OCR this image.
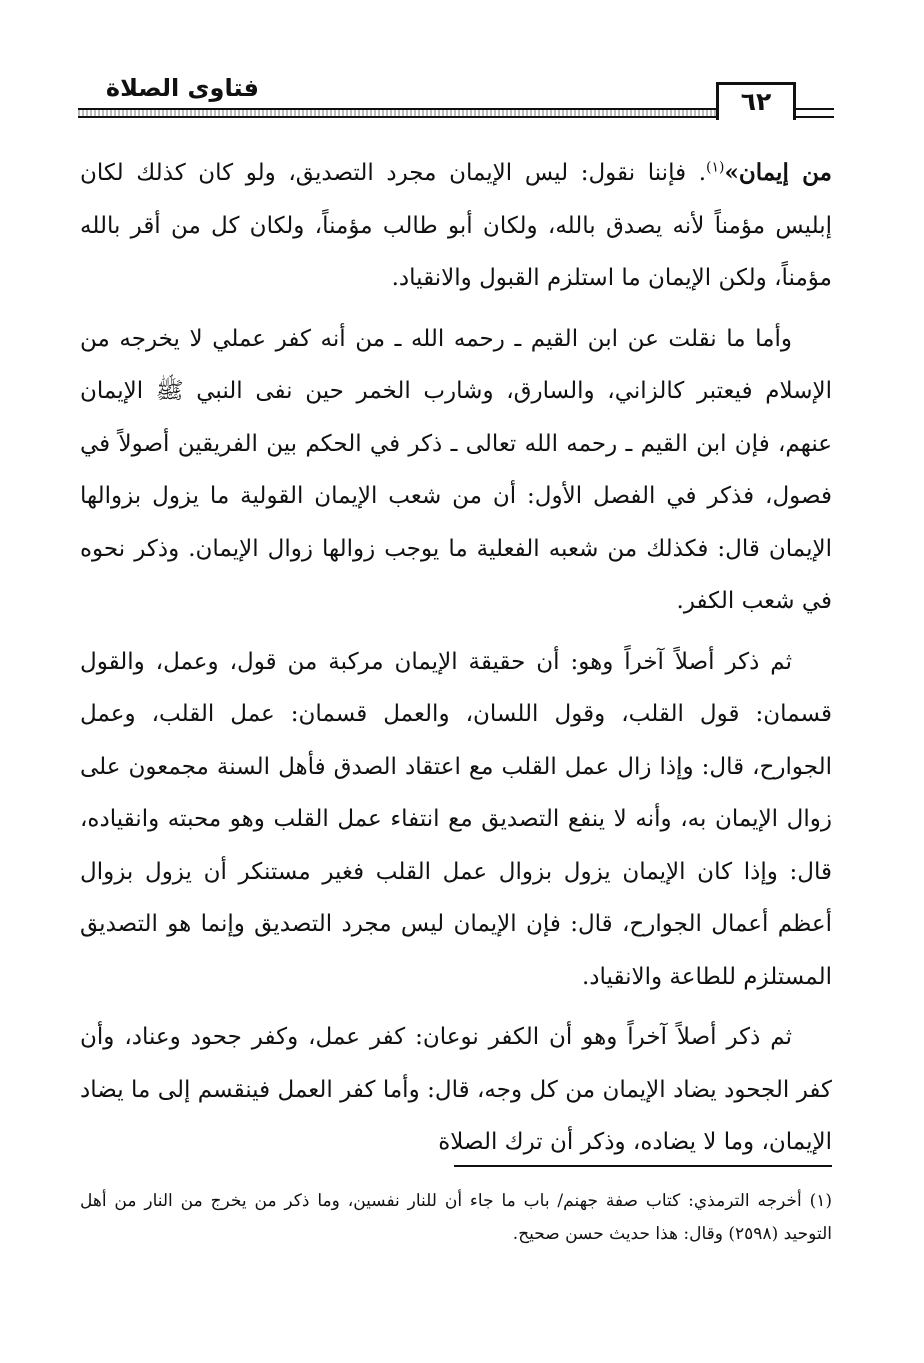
فتاوى الصلاة	٦٢

من إيمان»$^{(١)}$. فإننا نقول: ليس الإيمان مجرد التصديق، ولو كان كذلك لكان إبليس مؤمناً لأنه يصدق بالله، ولكان أبو طالب مؤمناً، ولكان كل من أقر بالله مؤمناً، ولكن الإيمان ما استلزم القبول والانقياد.

وأما ما نقلت عن ابن القيم ـ رحمه الله ـ من أنه كفر عملي لا يخرجه من الإسلام فيعتبر كالزاني، والسارق، وشارب الخمر حين نفى النبي ﷺ الإيمان عنهم، فإن ابن القيم ـ رحمه الله تعالى ـ ذكر في الحكم بين الفريقين أصولاً في فصول، فذكر في الفصل الأول: أن من شعب الإيمان القولية ما يزول بزوالها الإيمان قال: فكذلك من شعبه الفعلية ما يوجب زوالها زوال الإيمان. وذكر نحوه في شعب الكفر.

ثم ذكر أصلاً آخراً وهو: أن حقيقة الإيمان مركبة من قول، وعمل، والقول قسمان: قول القلب، وقول اللسان، والعمل قسمان: عمل القلب، وعمل الجوارح، قال: وإذا زال عمل القلب مع اعتقاد الصدق فأهل السنة مجمعون على زوال الإيمان به، وأنه لا ينفع التصديق مع انتفاء عمل القلب وهو محبته وانقياده، قال: وإذا كان الإيمان يزول بزوال عمل القلب فغير مستنكر أن يزول بزوال أعظم أعمال الجوارح، قال: فإن الإيمان ليس مجرد التصديق وإنما هو التصديق المستلزم للطاعة والانقياد.

ثم ذكر أصلاً آخراً وهو أن الكفر نوعان: كفر عمل، وكفر جحود وعناد، وأن كفر الجحود يضاد الإيمان من كل وجه، قال: وأما كفر العمل فينقسم إلى ما يضاد الإيمان، وما لا يضاده، وذكر أن ترك الصلاة

(١) أخرجه الترمذي: كتاب صفة جهنم/ باب ما جاء أن للنار نفسين، وما ذكر من يخرج من النار من أهل التوحيد (٢٥٩٨) وقال: هذا حديث حسن صحيح.
